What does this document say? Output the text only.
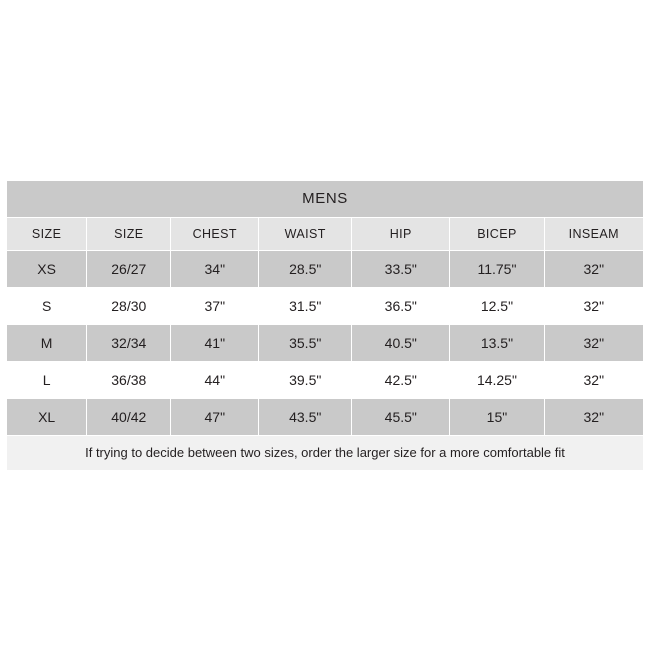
MENS						
SIZE	SIZE	CHEST	WAIST	HIP	BICEP	INSEAM
XS	26/27	34"	28.5"	33.5"	11.75"	32"
S	28/30	37"	31.5"	36.5"	12.5"	32"
M	32/34	41"	35.5"	40.5"	13.5"	32"
L	36/38	44"	39.5"	42.5"	14.25"	32"
XL	40/42	47"	43.5"	45.5"	15"	32"
If trying to decide between two sizes, order the larger size for a more comfortable fit						
